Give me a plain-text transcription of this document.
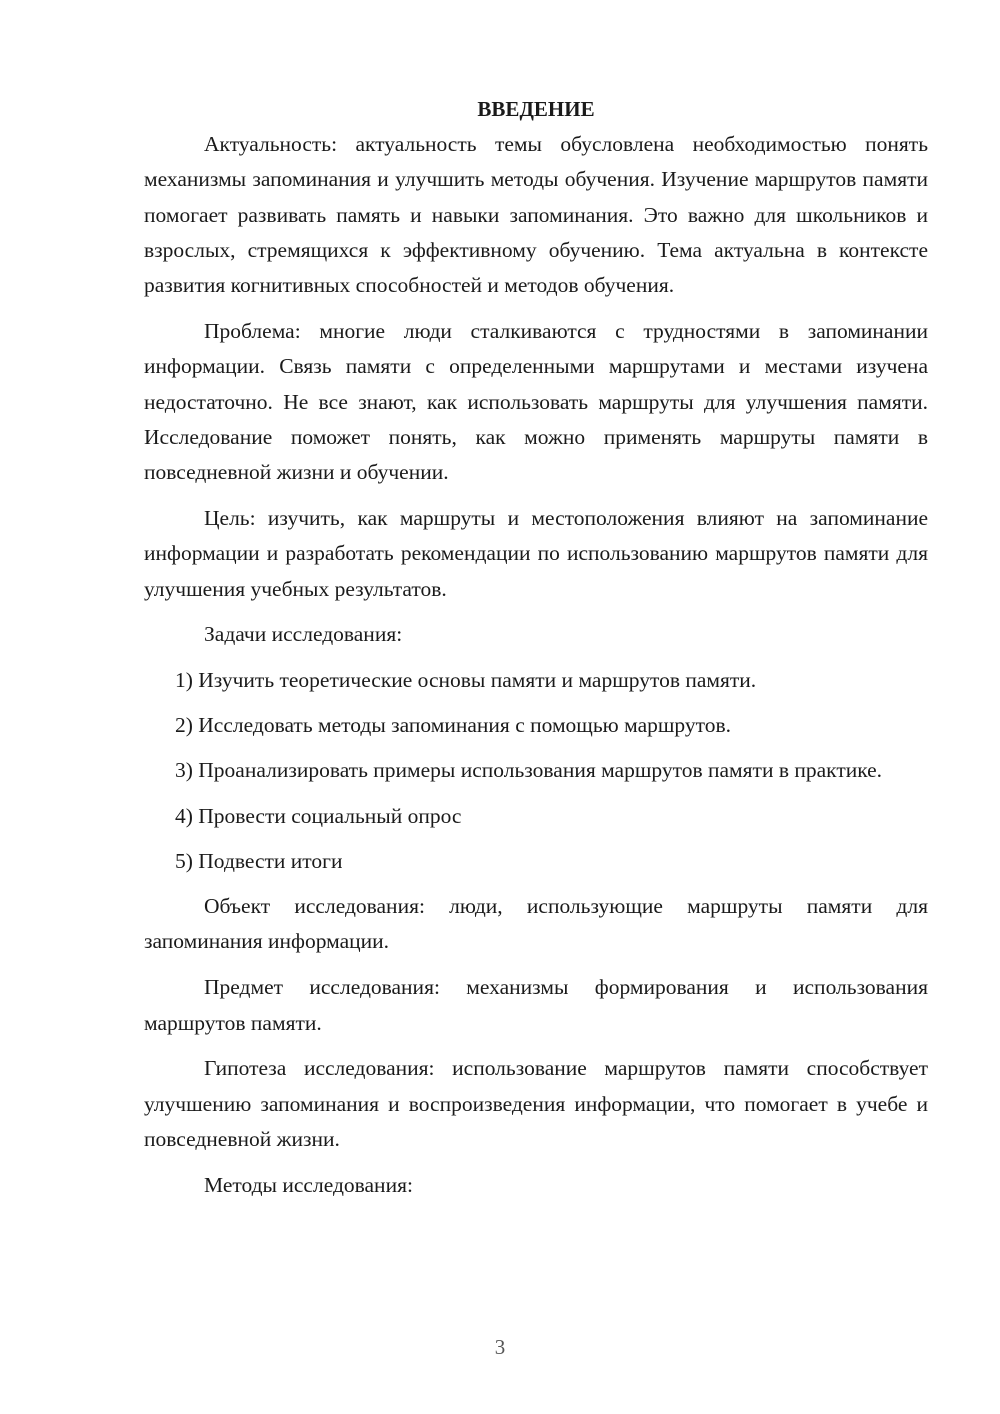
ВВЕДЕНИЕ

Актуальность: актуальность темы обусловлена необходимостью понять механизмы запоминания и улучшить методы обучения. Изучение маршрутов памяти помогает развивать память и навыки запоминания. Это важно для школьников и взрослых, стремящихся к эффективному обучению. Тема актуальна в контексте развития когнитивных способностей и методов обучения.

Проблема: многие люди сталкиваются с трудностями в запоминании информации. Связь памяти с определенными маршрутами и местами изучена недостаточно. Не все знают, как использовать маршруты для улучшения памяти. Исследование поможет понять, как можно применять маршруты памяти в повседневной жизни и обучении.

Цель: изучить, как маршруты и местоположения влияют на запоминание информации и разработать рекомендации по использованию маршрутов памяти для улучшения учебных результатов.

Задачи исследования:

1) Изучить теоретические основы памяти и маршрутов памяти.

2) Исследовать методы запоминания с помощью маршрутов.

3) Проанализировать примеры использования маршрутов памяти в практике.

4) Провести социальный опрос

5) Подвести итоги

Объект исследования: люди, использующие маршруты памяти для запоминания информации.

Предмет исследования: механизмы формирования и использования маршрутов памяти.

Гипотеза исследования: использование маршрутов памяти способствует улучшению запоминания и воспроизведения информации, что помогает в учебе и повседневной жизни.

Методы исследования:

3
